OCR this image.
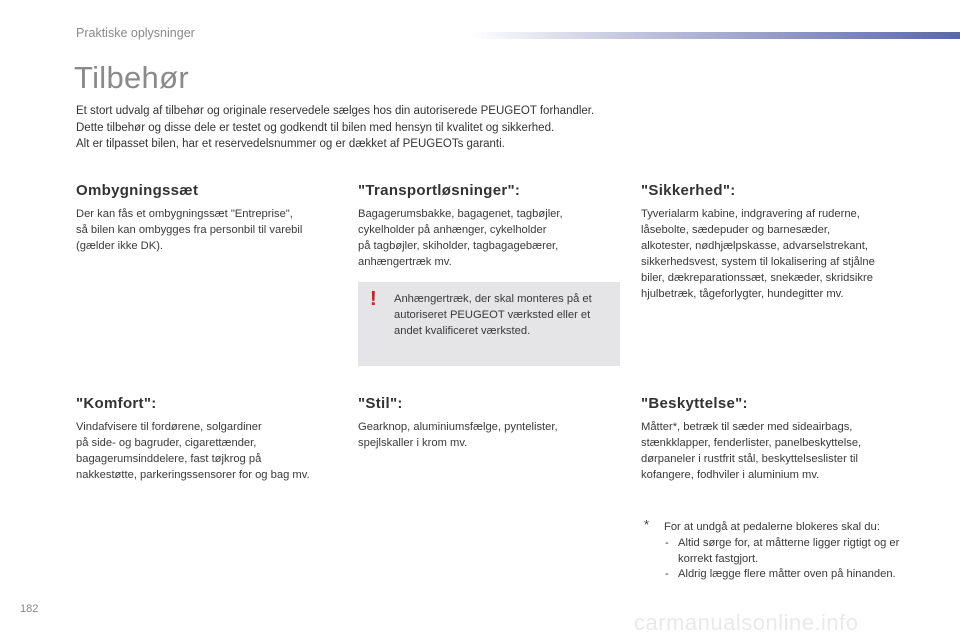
Praktiske oplysninger
Tilbehør

Et stort udvalg af tilbehør og originale reservedele sælges hos din autoriserede PEUGEOT forhandler.

Dette tilbehør og disse dele er testet og godkendt til bilen med hensyn til kvalitet og sikkerhed.

Alt er tilpasset bilen, har et reservedelsnummer og er dækket af PEUGEOTs garanti.

Ombygningssæt

Der kan fås et ombygningssæt "Entreprise",
så bilen kan ombygges fra personbil til varebil
(gælder ikke DK).

"Transportløsninger":

Bagagerumsbakke, bagagenet, tagbøjler,
cykelholder på anhænger, cykelholder
på tagbøjler, skiholder, tagbagagebærer,
anhængertræk mv.

"Sikkerhed":

Tyverialarm kabine, indgravering af ruderne,
låsebolte, sædepuder og barnesæder,
alkotester, nødhjælpskasse, advarselstrekant,
sikkerhedsvest, system til lokalisering af stjålne
biler, dækreparationssæt, snekæder, skridsikre
hjulbetræk, tågeforlygter, hundegitter mv.

! Anhængertræk, der skal monteres på et
autoriseret PEUGEOT værksted eller et
andet kvalificeret værksted.

"Komfort":

Vindafvisere til fordørene, solgardiner
på side- og bagruder, cigarettænder,
bagagerumsinddelere, fast tøjkrog på
nakkestøtte, parkeringssensorer for og bag mv.

"Stil":

Gearknop, aluminiumsfælge, pyntelister,
spejlskaller i krom mv.

"Beskyttelse":

Måtter*, betræk til sæder med sideairbags,
stænkklapper, fenderlister, panelbeskyttelse,
dørpaneler i rustfrit stål, beskyttelseslister til
kofangere, fodhviler i aluminium mv.

* For at undgå at pedalerne blokeres skal du:
- Altid sørge for, at måtterne ligger rigtigt og er korrekt fastgjort.
- Aldrig lægge flere måtter oven på hinanden.
182
carmanualsonline.info
